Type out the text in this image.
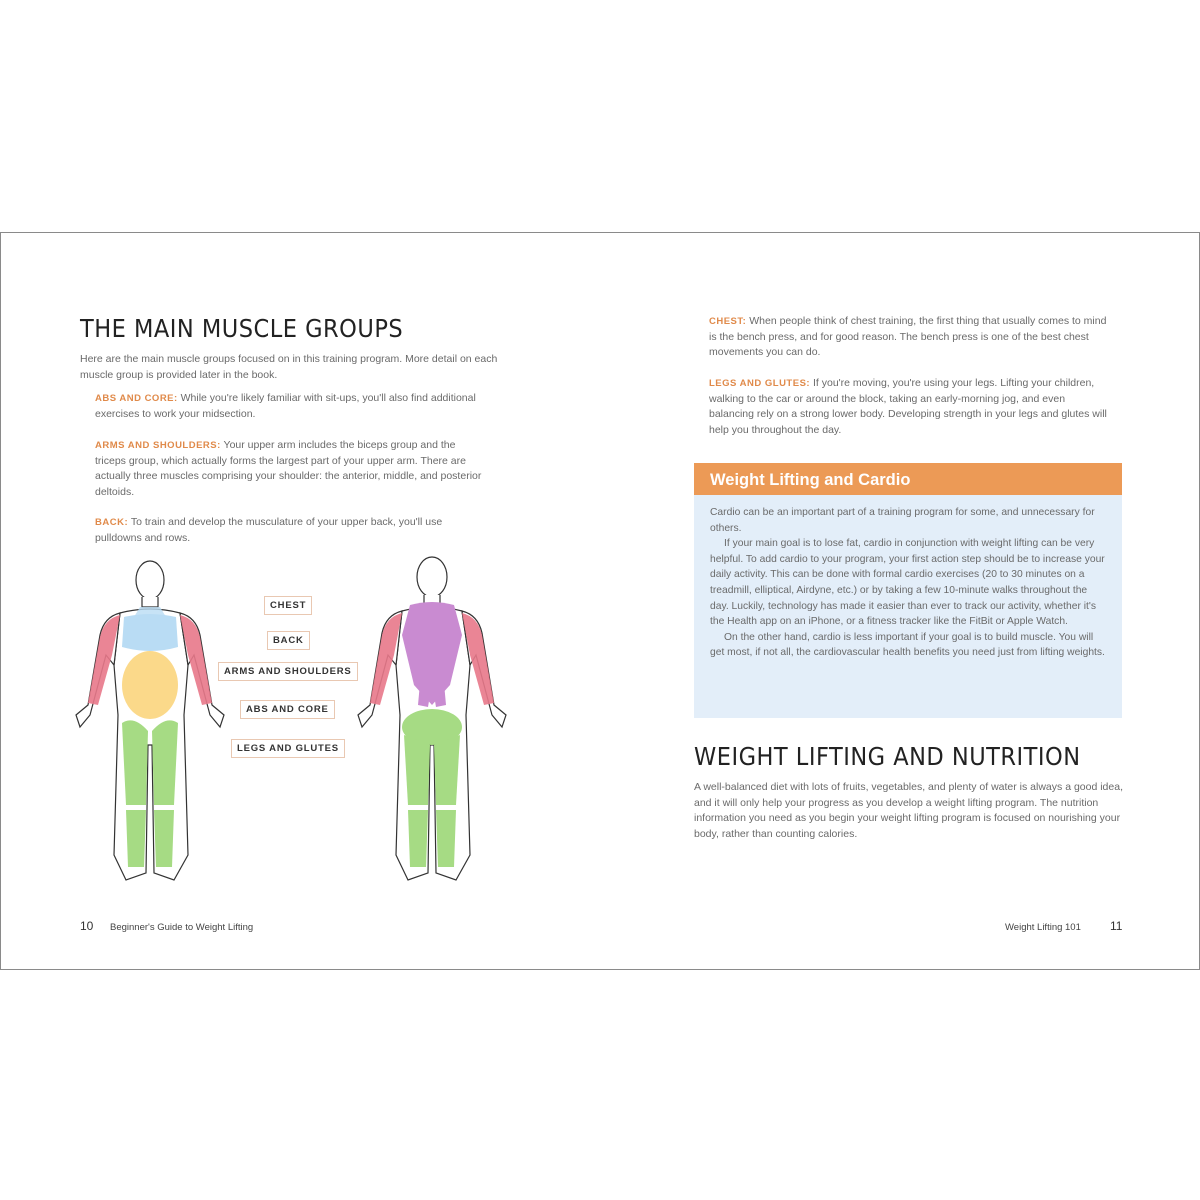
THE MAIN MUSCLE GROUPS

Here are the main muscle groups focused on in this training program. More detail on each muscle group is provided later in the book.

ABS AND CORE: While you're likely familiar with sit-ups, you'll also find additional exercises to work your midsection.

ARMS AND SHOULDERS: Your upper arm includes the biceps group and the triceps group, which actually forms the largest part of your upper arm. There are actually three muscles comprising your shoulder: the anterior, middle, and posterior deltoids.

BACK: To train and develop the musculature of your upper back, you'll use pulldowns and rows.

CHEST
BACK
ARMS AND SHOULDERS
ABS AND CORE
LEGS AND GLUTES
10 Beginner's Guide to Weight Lifting

CHEST: When people think of chest training, the first thing that usually comes to mind is the bench press, and for good reason. The bench press is one of the best chest movements you can do.

LEGS AND GLUTES: If you're moving, you're using your legs. Lifting your children, walking to the car or around the block, taking an early-morning jog, and even balancing rely on a strong lower body. Developing strength in your legs and glutes will help you throughout the day.

Weight Lifting and Cardio

Cardio can be an important part of a training program for some, and unnecessary for others.

If your main goal is to lose fat, cardio in conjunction with weight lifting can be very helpful. To add cardio to your program, your first action step should be to increase your daily activity. This can be done with formal cardio exercises (20 to 30 minutes on a treadmill, elliptical, Airdyne, etc.) or by taking a few 10-minute walks throughout the day. Luckily, technology has made it easier than ever to track our activity, whether it's the Health app on an iPhone, or a fitness tracker like the FitBit or Apple Watch.

On the other hand, cardio is less important if your goal is to build muscle. You will get most, if not all, the cardiovascular health benefits you need just from lifting weights.

WEIGHT LIFTING AND NUTRITION

A well-balanced diet with lots of fruits, vegetables, and plenty of water is always a good idea, and it will only help your progress as you develop a weight lifting program. The nutrition information you need as you begin your weight lifting program is focused on nourishing your body, rather than counting calories.

Weight Lifting 101 11
